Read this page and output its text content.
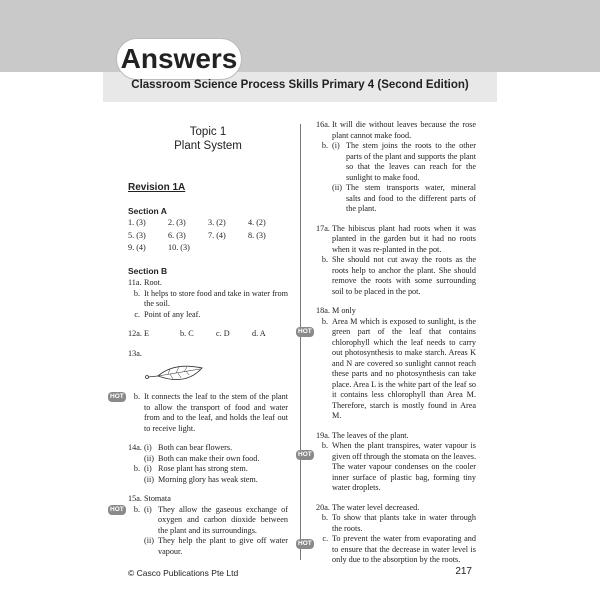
Answers
Classroom Science Process Skills Primary 4 (Second Edition)
Topic 1
Plant System
Revision 1A
Section A
1. (3)	2. (3)	3. (2)	4. (2)
5. (3)	6. (3)	7. (4)	8. (3)
9. (4)	10. (3)
Section B
11a. Root.
b. It helps to store food and take in water from the soil.
c. Point of any leaf.
12a. E	b. C	c. D	d. A
13a.
HOT	b. It connects the leaf to the stem of the plant to allow the transport of food and water from and to the leaf, and holds the leaf out to receive light.
14a. (i) Both can bear flowers.
(ii) Both can make their own food.
b. (i) Rose plant has strong stem.
(ii) Morning glory has weak stem.
15a. Stomata
HOT	b. (i) They allow the gaseous exchange of oxygen and carbon dioxide between the plant and its surroundings.
(ii) They help the plant to give off water vapour.
16a. It will die without leaves because the rose plant cannot make food.
b. (i) The stem joins the roots to the other parts of the plant and supports the plant so that the leaves can reach for the sunlight to make food.
(ii) The stem transports water, mineral salts and food to the different parts of the plant.
17a. The hibiscus plant had roots when it was planted in the garden but it had no roots when it was re-planted in the pot.
b. She should not cut away the roots as the roots help to anchor the plant. She should remove the roots with some surrounding soil to be placed in the pot.
18a. M only
HOT
b. Area M which is exposed to sunlight, is the green part of the leaf that contains chlorophyll which the leaf needs to carry out photosynthesis to make starch. Areas K and N are covered so sunlight cannot reach these parts and no photosynthesis can take place. Area L is the white part of the leaf so it contains less chlorophyll than Area M. Therefore, starch is mostly found in Area M.
19a. The leaves of the plant.
HOT
b. When the plant transpires, water vapour is given off through the stomata on the leaves. The water vapour condenses on the cooler inner surface of plastic bag, forming tiny water droplets.
20a. The water level decreased.
b. To show that plants take in water through the roots.
HOT
c. To prevent the water from evaporating and to ensure that the decrease in water level is only due to the absorption by the roots.
© Casco Publications Pte Ltd	217
